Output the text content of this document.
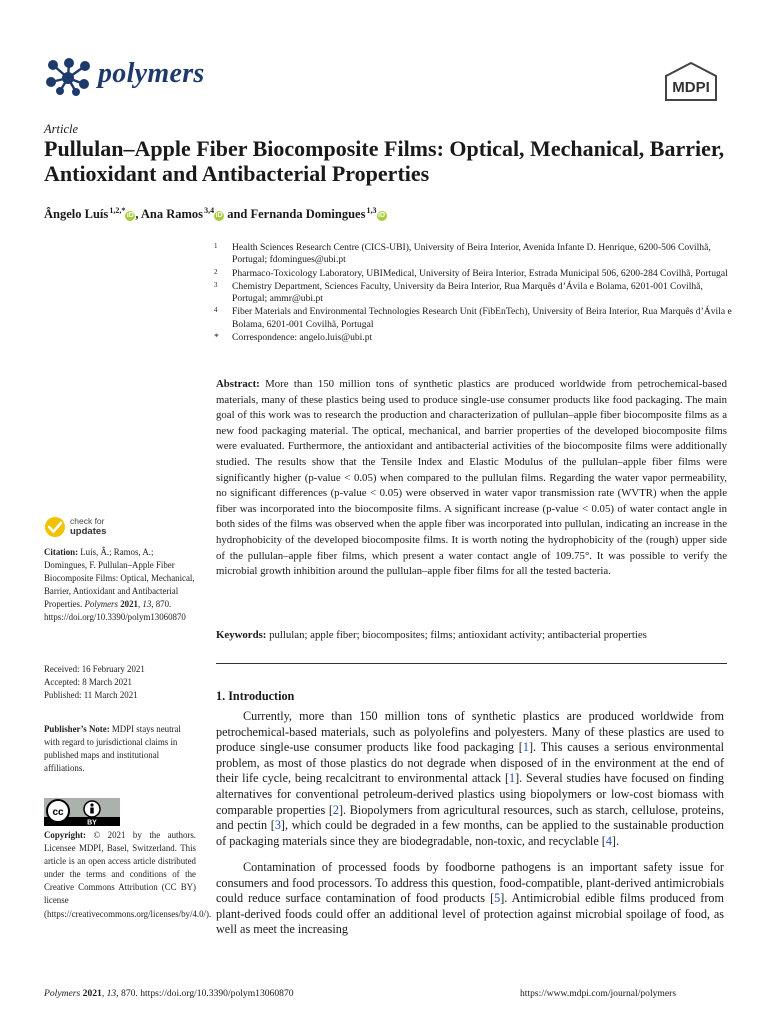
polymers	MDPI
Article
Pullulan–Apple Fiber Biocomposite Films: Optical, Mechanical, Barrier, Antioxidant and Antibacterial Properties
Ângelo Luís $^{1,2,*}$iD , Ana Ramos $^{3,4}$iD and Fernanda Domingues $^{1,3}$iD
1 Health Sciences Research Centre (CICS-UBI), University of Beira Interior, Avenida Infante D. Henrique, 6200-506 Covilhã, Portugal; fdomingues@ubi.pt
2 Pharmaco-Toxicology Laboratory, UBIMedical, University of Beira Interior, Estrada Municipal 506, 6200-284 Covilhã, Portugal
3 Chemistry Department, Sciences Faculty, University da Beira Interior, Rua Marquês d’Ávila e Bolama, 6201-001 Covilhã, Portugal; ammr@ubi.pt
4 Fiber Materials and Environmental Technologies Research Unit (FibEnTech), University of Beira Interior, Rua Marquês d’Ávila e Bolama, 6201-001 Covilhã, Portugal
* Correspondence: angelo.luis@ubi.pt
Abstract: More than 150 million tons of synthetic plastics are produced worldwide from petrochemical-based materials, many of these plastics being used to produce single-use consumer products like food packaging. The main goal of this work was to research the production and characterization of pullulan–apple fiber biocomposite films as a new food packaging material. The optical, mechanical, and barrier properties of the developed biocomposite films were evaluated. Furthermore, the antioxidant and antibacterial activities of the biocomposite films were additionally studied. The results show that the Tensile Index and Elastic Modulus of the pullulan–apple fiber films were significantly higher (p-value < 0.05) when compared to the pullulan films. Regarding the water vapor permeability, no significant differences (p-value < 0.05) were observed in water vapor transmission rate (WVTR) when the apple fiber was incorporated into the biocomposite films. A significant increase (p-value < 0.05) of water contact angle in both sides of the films was observed when the apple fiber was incorporated into pullulan, indicating an increase in the hydrophobicity of the developed biocomposite films. It is worth noting the hydrophobicity of the (rough) upper side of the pullulan–apple fiber films, which present a water contact angle of 109.75°. It was possible to verify the microbial growth inhibition around the pullulan–apple fiber films for all the tested bacteria.
Keywords: pullulan; apple fiber; biocomposites; films; antioxidant activity; antibacterial properties
1. Introduction
Currently, more than 150 million tons of synthetic plastics are produced worldwide from petrochemical-based materials, such as polyolefins and polyesters. Many of these plastics are used to produce single-use consumer products like food packaging [1]. This causes a serious environmental problem, as most of those plastics do not degrade when disposed of in the environment at the end of their life cycle, being recalcitrant to environmental attack [1]. Several studies have focused on finding alternatives for conventional petroleum-derived plastics using biopolymers or low-cost biomass with comparable properties [2]. Biopolymers from agricultural resources, such as starch, cellulose, proteins, and pectin [3], which could be degraded in a few months, can be applied to the sustainable production of packaging materials since they are biodegradable, non-toxic, and recyclable [4].
Contamination of processed foods by foodborne pathogens is an important safety issue for consumers and food processors. To address this question, food-compatible, plant-derived antimicrobials could reduce surface contamination of food products [5]. Antimicrobial edible films produced from plant-derived foods could offer an additional level of protection against microbial spoilage of food, as well as meet the increasing
check for
updates
Citation: Luís, Â.; Ramos, A.; Domingues, F. Pullulan–Apple Fiber Biocomposite Films: Optical, Mechanical, Barrier, Antioxidant and Antibacterial Properties. Polymers 2021, 13, 870. https://doi.org/10.3390/polym13060870
Received: 16 February 2021
Accepted: 8 March 2021
Published: 11 March 2021
Publisher’s Note: MDPI stays neutral with regard to jurisdictional claims in published maps and institutional affiliations.
cc
BY
Copyright: © 2021 by the authors. Licensee MDPI, Basel, Switzerland. This article is an open access article distributed under the terms and conditions of the Creative Commons Attribution (CC BY) license (https://creativecommons.org/licenses/by/4.0/).
Polymers 2021, 13, 870. https://doi.org/10.3390/polym13060870	https://www.mdpi.com/journal/polymers
